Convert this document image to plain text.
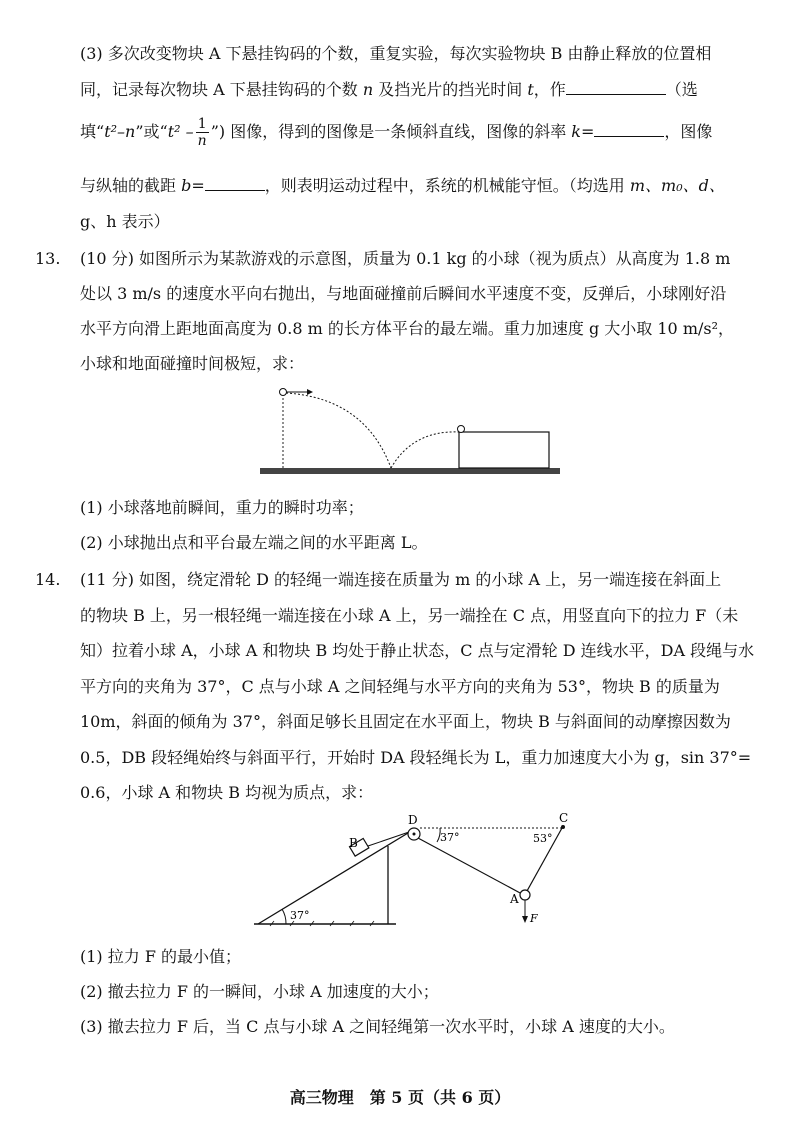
(3) 多次改变物块 A 下悬挂钩码的个数，重复实验，每次实验物块 B 由静止释放的位置相
同，记录每次物块 A 下悬挂钩码的个数 n 及挡光片的挡光时间 t，作	（选
填“t²–n”或“$t^2 - \frac{1}{n}$ ”) 图像，得到的图像是一条倾斜直线，图像的斜率 k=	，图像
与纵轴的截距 b=	，则表明运动过程中，系统的机械能守恒。（均选用 m、m₀、d、
g、h 表示）
13.	(10 分) 如图所示为某款游戏的示意图，质量为 0.1 kg 的小球（视为质点）从高度为 1.8 m
处以 3 m/s 的速度水平向右抛出，与地面碰撞前后瞬间水平速度不变，反弹后，小球刚好沿
水平方向滑上距地面高度为 0.8 m 的长方体平台的最左端。重力加速度 g 大小取 10 m/s²，
小球和地面碰撞时间极短，求：
(1) 小球落地前瞬间，重力的瞬时功率；
(2) 小球抛出点和平台最左端之间的水平距离 L。
14.	(11 分) 如图，绕定滑轮 D 的轻绳一端连接在质量为 m 的小球 A 上，另一端连接在斜面上
的物块 B 上，另一根轻绳一端连接在小球 A 上，另一端拴在 C 点，用竖直向下的拉力 F（未
知）拉着小球 A，小球 A 和物块 B 均处于静止状态，C 点与定滑轮 D 连线水平，DA 段绳与水
平方向的夹角为 37°，C 点与小球 A 之间轻绳与水平方向的夹角为 53°，物块 B 的质量为
10m，斜面的倾角为 37°，斜面足够长且固定在水平面上，物块 B 与斜面间的动摩擦因数为
0.5，DB 段轻绳始终与斜面平行，开始时 DA 段轻绳长为 L，重力加速度大小为 g，sin 37°=
0.6，小球 A 和物块 B 均视为质点，求：
37°
B
D
37°
C
53°
A
F
(1) 拉力 F 的最小值；
(2) 撤去拉力 F 的一瞬间，小球 A 加速度的大小；
(3) 撤去拉力 F 后，当 C 点与小球 A 之间轻绳第一次水平时，小球 A 速度的大小。
高三物理　第 5 页（共 6 页）
